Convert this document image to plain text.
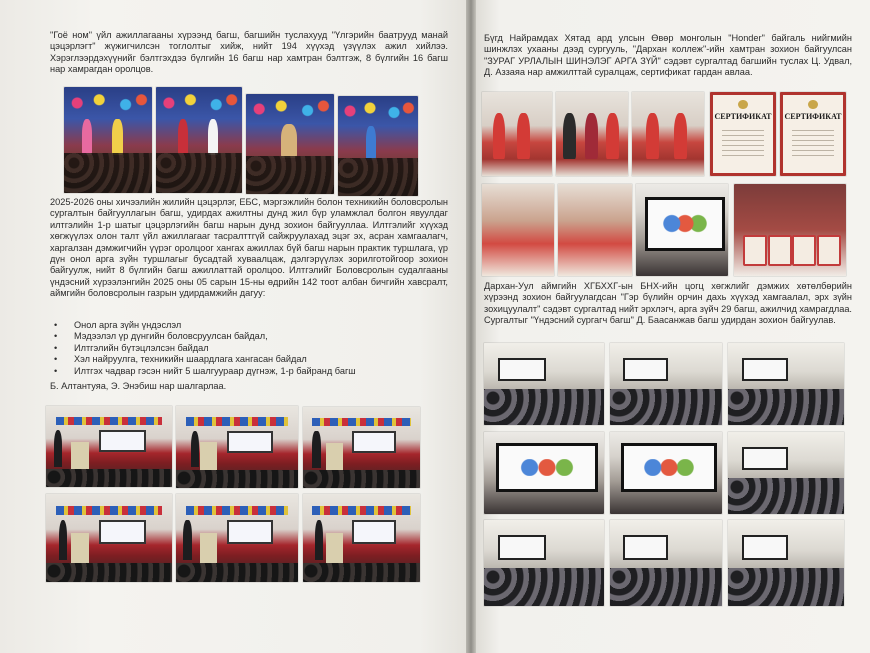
"Гоё ном" үйл ажиллагааны хүрээнд багш, багшийн туслахууд "Үлгэрийн баатрууд манай цэцэрлэгт" жүжигчилсэн тоглолтыг хийж, нийт 194 хүүхэд үзүүлэх ажил хийлээ. Хэрэглээрдэхүүнийг бэлтгэхдээ бүлгийн 16 багш нар хамтран бэлтгэж, 8 бүлгийн 16 багш нар хамрагдан оролцов.

2025-2026 оны хичээлийн жилийн цэцэрлэг, ЕБС, мэргэжлийн болон техникийн боловсролын сургалтын байгууллагын багш, удирдах ажилтны дунд жил бүр уламжлал болгон явуулдаг илтгэлийн 1-р шатыг цэцэрлэгийн багш нарын дунд зохион байгууллаа. Илтгэлийг хүүхэд хөгжүүлэх олон талт үйл ажиллагааг тасралттгүй сайжруулахад эцэг эх, асран хамгаалагч, харгалзан дэмжигчийн үүрэг оролцоог хангах ажиллах бүй багш нарын практик туршлага, үр дүн онол арга зүйн туршлагыг бусадтай хуваалцаж, дэлгэрүүлэх зорилготойгоор зохион байгуулж, нийт 8 бүлгийн багш ажиллаттай оролцоо. Илтгэлийг Боловсролын судалгааны үндэсний хүрээлэнгийн 2025 оны 05 сарын 15-ны өдрийн 142 тоот албан бичгийн хавсралт, аймгийн боловсролын газрын удирдамжийн дагуу:

• Онол арга зүйн үндэслэл
• Мэдээлэл үр дүнгийн боловсруулсан байдал,
• Илтгэлийн бүтэцлэлсэн байдал
• Хэл найруулга, техникийн шаардлага хангасан байдал
• Илтгэх чадвар гэсэн нийт 5 шалгуураар дүгнэж, 1-р байранд багш

Б. Алтантуяа, Э. Энэбиш нар шалгарлаа.

Бүгд Найрамдах Хятад ард улсын Өвөр монголын "Honder" байгаль нийгмийн шинжлэх ухааны дээд сургууль, "Дархан коллеж"-ийн хамтран зохион байгуулсан "ЗУРАГ УРЛАЛЫН ШИНЭЛЭГ АРГА ЗҮЙ" сэдэвт сургалтад багшийн туслах Ц. Удвал, Д. Аззаяа нар амжилттай суралцаж, сертификат гардан авлаа.

СЕРТИФИКАТ СЕРТИФИКАТ

Дархан-Уул аймгийн ХГБХХГ-ын БНХ-ийн цогц хөгжлийг дэмжих хөтөлбөрийн хүрээнд зохион байгуулагдсан "Гэр бүлийн орчин дахь хүүхэд хамгаалал, эрх зүйн зохицуулалт" сэдэвт сургалтад нийт эрхлэгч, арга зүйч 29 багш, ажилчид хамрагдлаа. Сургалтыг "Үндэсний сургагч багш" Д. Баасанжав багш удирдан зохион байгуулав.
